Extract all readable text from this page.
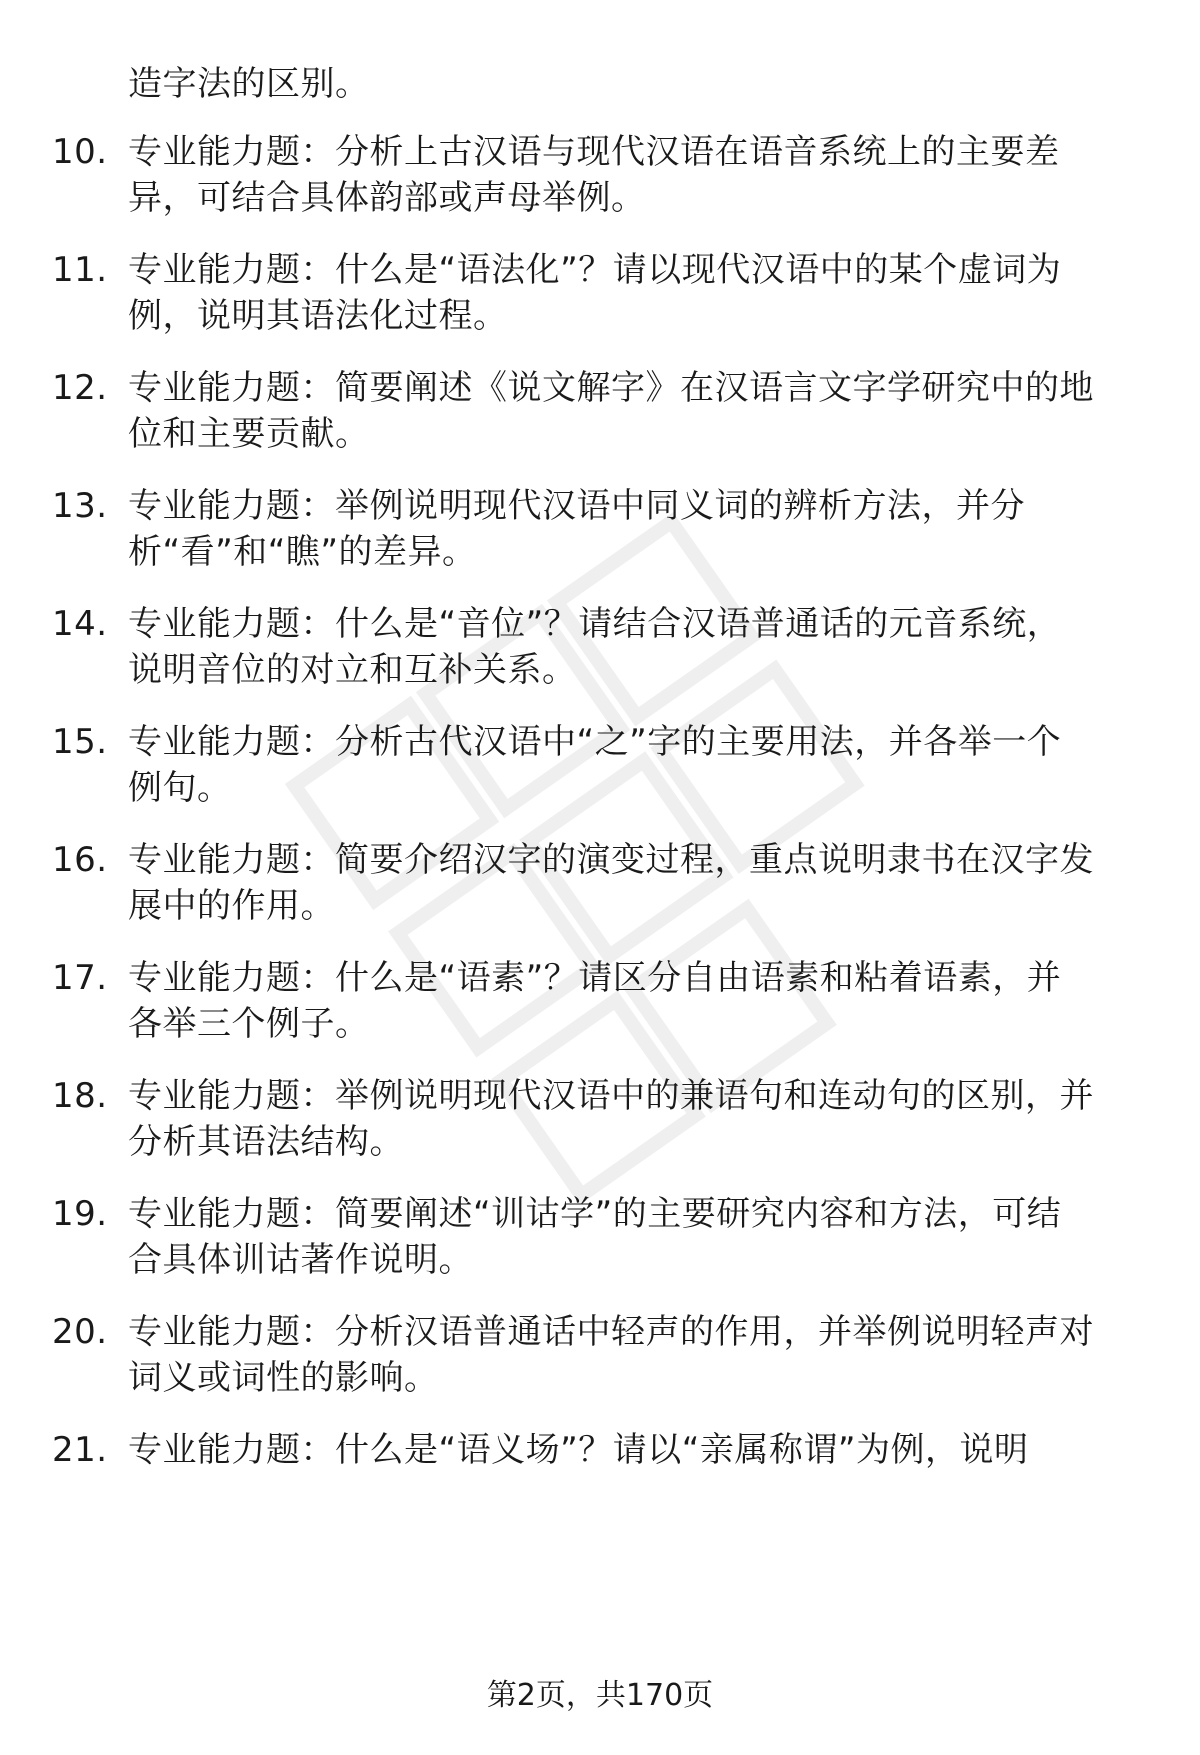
造字法的区别。
10. 专业能力题：分析上古汉语与现代汉语在语音系统上的主要差
异，可结合具体韵部或声母举例。
11. 专业能力题：什么是“语法化”？请以现代汉语中的某个虚词为
例，说明其语法化过程。
12. 专业能力题：简要阐述《说文解字》在汉语言文字学研究中的地
位和主要贡献。
13. 专业能力题：举例说明现代汉语中同义词的辨析方法，并分
析“看”和“瞧”的差异。
14. 专业能力题：什么是“音位”？请结合汉语普通话的元音系统，
说明音位的对立和互补关系。
15. 专业能力题：分析古代汉语中“之”字的主要用法，并各举一个
例句。
16. 专业能力题：简要介绍汉字的演变过程，重点说明隶书在汉字发
展中的作用。
17. 专业能力题：什么是“语素”？请区分自由语素和粘着语素，并
各举三个例子。
18. 专业能力题：举例说明现代汉语中的兼语句和连动句的区别，并
分析其语法结构。
19. 专业能力题：简要阐述“训诂学”的主要研究内容和方法，可结
合具体训诂著作说明。
20. 专业能力题：分析汉语普通话中轻声的作用，并举例说明轻声对
词义或词性的影响。
21. 专业能力题：什么是“语义场”？请以“亲属称谓”为例，说明
第2页，共170页
